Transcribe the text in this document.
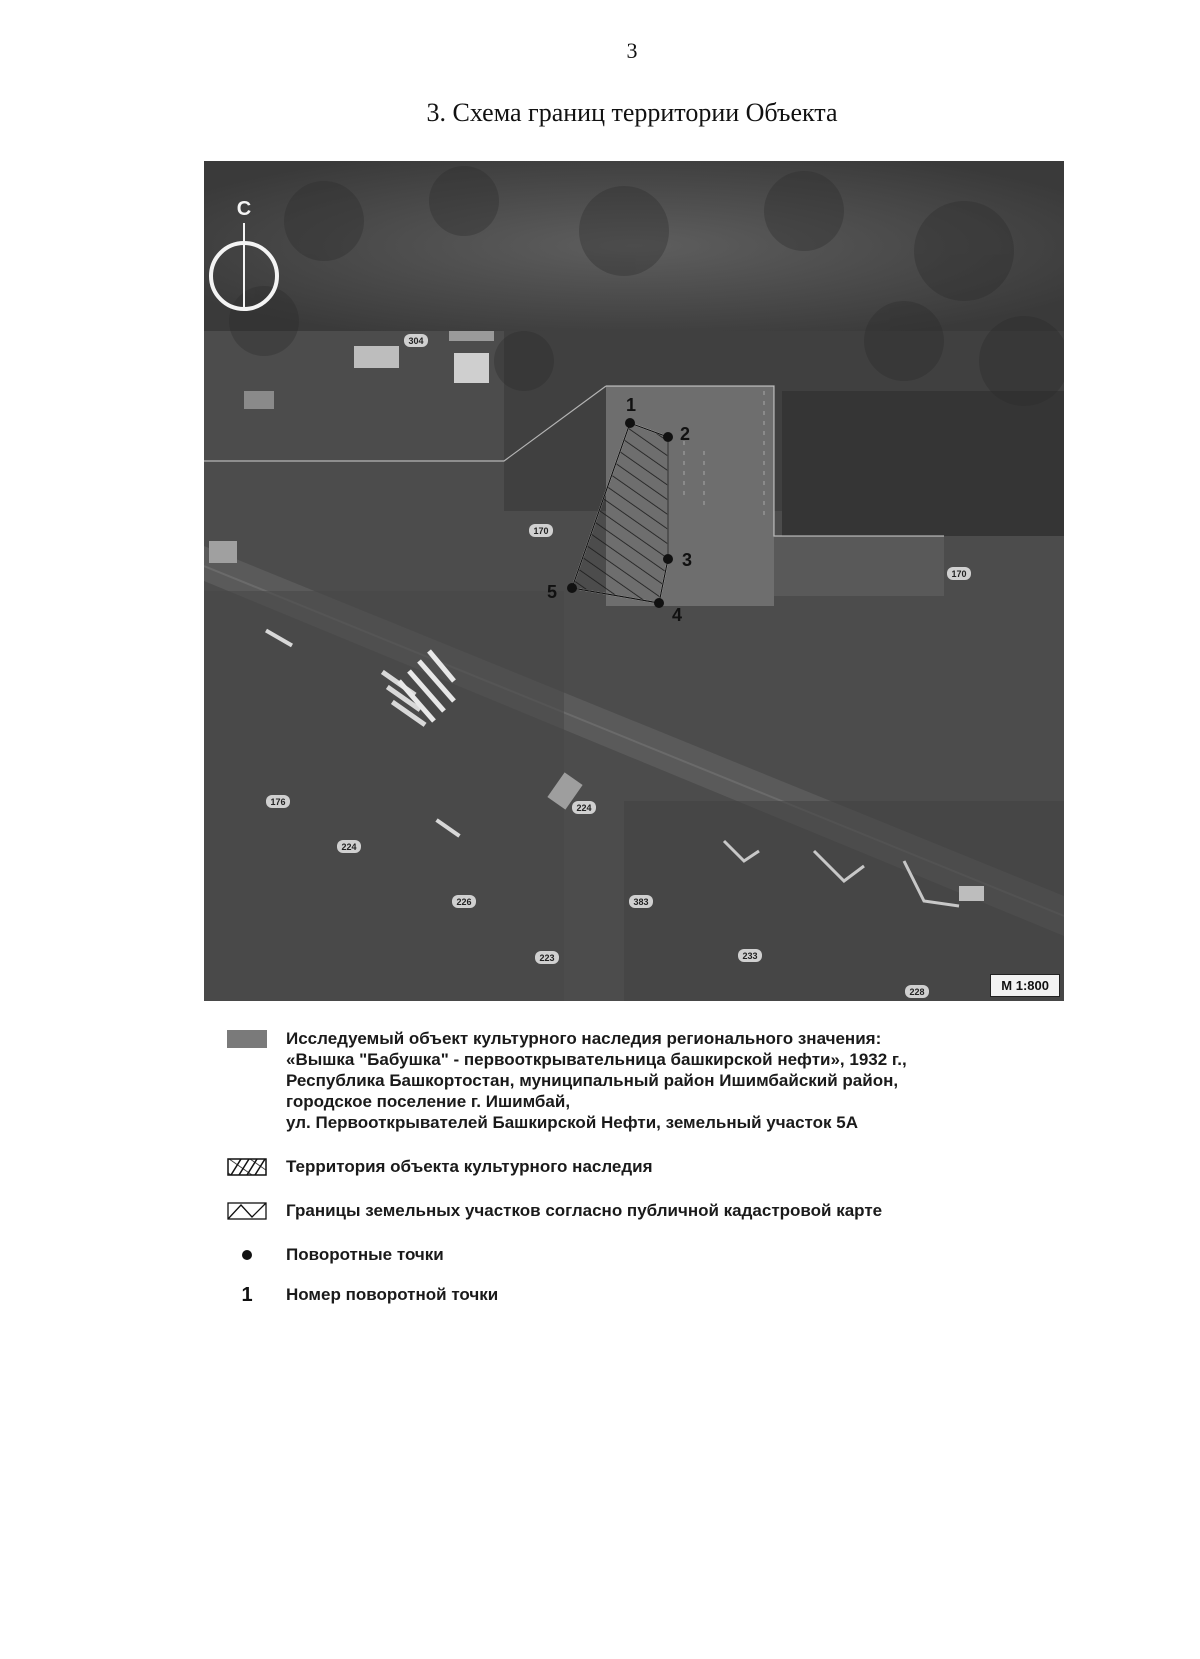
3
3. Схема границ территории Объекта
304
170
170
176
224
224
226	383
233
228
223
1
2
3
4
5
С
М 1:800
Исследуемый объект культурного наследия регионального значения:
«Вышка "Бабушка" - первооткрывательница башкирской нефти», 1932 г.,
Республика Башкортостан, муниципальный район Ишимбайский район,
городское поселение г. Ишимбай,
ул. Первооткрывателей Башкирской Нефти, земельный участок 5А
Территория объекта культурного наследия
Границы земельных участков согласно публичной кадастровой карте
Поворотные точки
1 Номер поворотной точки
